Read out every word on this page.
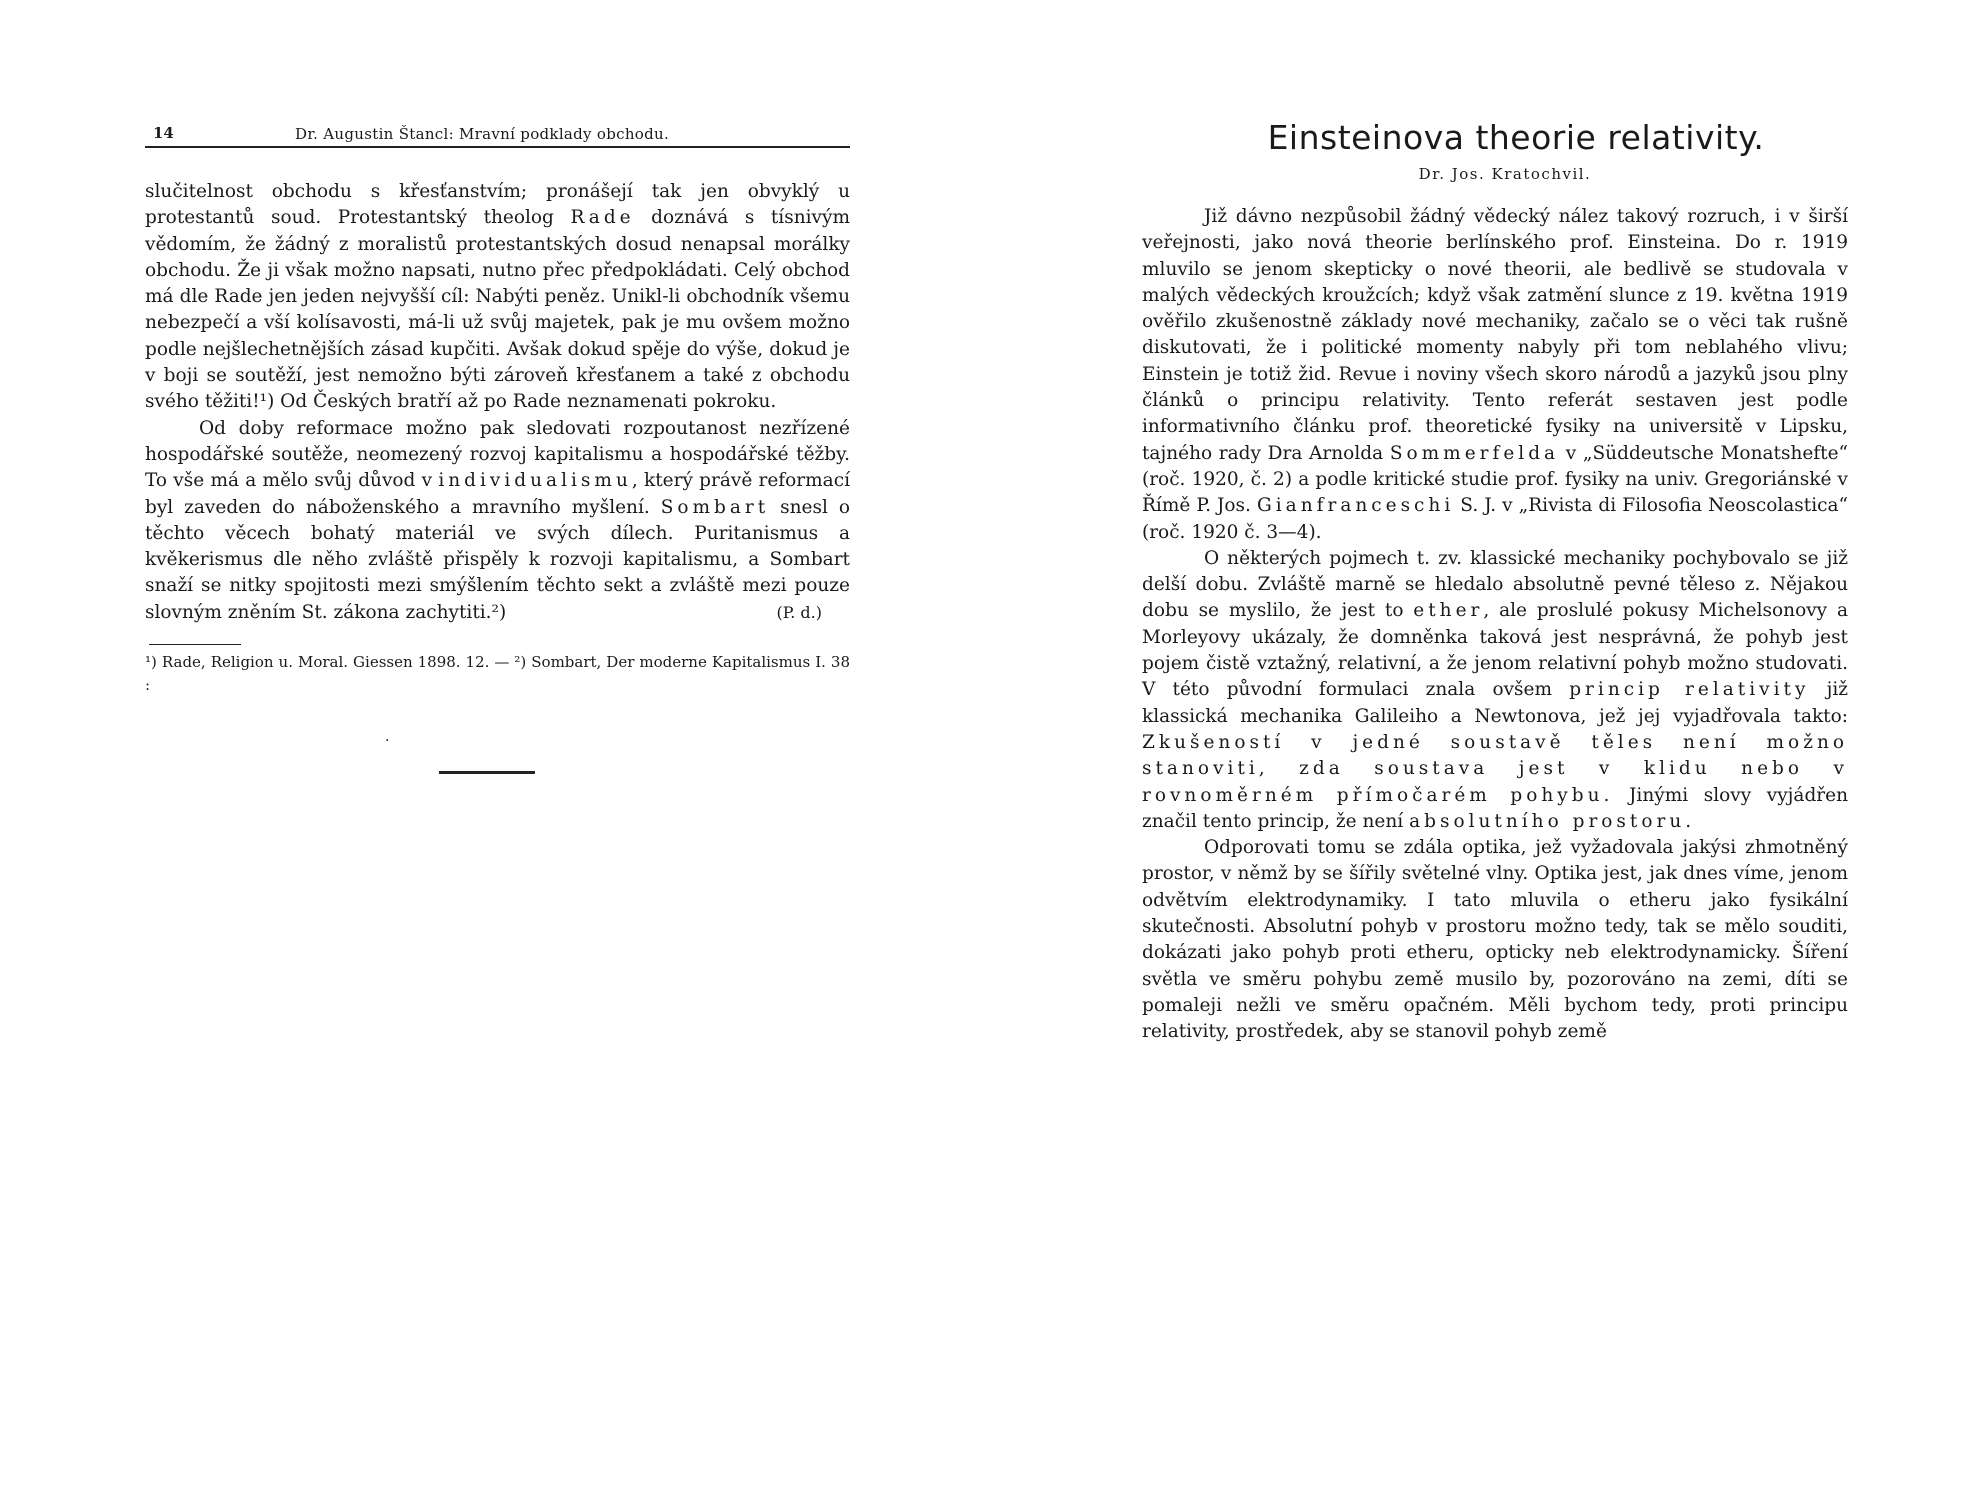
14	Dr. Augustin Štancl: Mravní podklady obchodu.

slučitelnost obchodu s křesťanstvím; pronášejí tak jen obvyklý u protestantů soud. Protestantský theolog Rade doznává s tísnivým vědomím, že žádný z moralistů protestantských dosud nenapsal morálky obchodu. Že ji však možno napsati, nutno přec předpokládati. Celý obchod má dle Rade jen jeden nejvyšší cíl: Nabýti peněz. Unikl-li obchodník všemu nebezpečí a vší kolísavosti, má-li už svůj majetek, pak je mu ovšem možno podle nejšlechetnějších zásad kupčiti. Avšak dokud spěje do výše, dokud je v boji se soutěží, jest nemožno býti zároveň křesťanem a také z obchodu svého těžiti!¹) Od Českých bratří až po Rade neznamenati pokroku.

Od doby reformace možno pak sledovati rozpoutanost nezřízené hospodářské soutěže, neomezený rozvoj kapitalismu a hospodářské těžby. To vše má a mělo svůj důvod v individualismu, který právě reformací byl zaveden do náboženského a mravního myšlení. Sombart snesl o těchto věcech bohatý materiál ve svých dílech. Puritanismus a kvěkerismus dle něho zvláště přispěly k rozvoji kapitalismu, a Sombart snaží se nitky spojitosti mezi smýšlením těchto sekt a zvláště mezi pouze slovným zněním St. zákona zachytiti.²)	(P. d.)

¹) Rade, Religion u. Moral. Giessen 1898. 12. — ²) Sombart, Der moderne Kapitalismus I. 38 :
·
Einsteinova theorie relativity.
Dr. Jos. Kratochvil.

Již dávno nezpůsobil žádný vědecký nález takový rozruch, i v širší veřejnosti, jako nová theorie berlínského prof. Einsteina. Do r. 1919 mluvilo se jenom skepticky o nové theorii, ale bedlivě se studovala v malých vědeckých kroužcích; když však zatmění slunce z 19. května 1919 ověřilo zkušenostně základy nové mechaniky, začalo se o věci tak rušně diskutovati, že i politické momenty nabyly při tom neblahého vlivu; Einstein je totiž žid. Revue i noviny všech skoro národů a jazyků jsou plny článků o principu relativity. Tento referát sestaven jest podle informativního článku prof. theoretické fysiky na universitě v Lipsku, tajného rady Dra Arnolda Sommerfelda v „Süddeutsche Monatshefte“ (roč. 1920, č. 2) a podle kritické studie prof. fysiky na univ. Gregoriánské v Římě P. Jos. Gianfranceschi S. J. v „Rivista di Filosofia Neoscolastica“ (roč. 1920 č. 3—4).

O některých pojmech t. zv. klassické mechaniky pochybovalo se již delší dobu. Zvláště marně se hledalo absolutně pevné těleso z. Nějakou dobu se myslilo, že jest to ether, ale proslulé pokusy Michelsonovy a Morleyovy ukázaly, že domněnka taková jest nesprávná, že pohyb jest pojem čistě vztažný, relativní, a že jenom relativní pohyb možno studovati. V této původní formulaci znala ovšem princip relativity již klassická mechanika Galileiho a Newtonova, jež jej vyjadřovala takto: Zkušeností v jedné soustavě těles není možno stanoviti, zda soustava jest v klidu nebo v rovnoměrném přímočarém pohybu. Jinými slovy vyjádřen značil tento princip, že není absolutního prostoru.

Odporovati tomu se zdála optika, jež vyžadovala jakýsi zhmotněný prostor, v němž by se šířily světelné vlny. Optika jest, jak dnes víme, jenom odvětvím elektrodynamiky. I tato mluvila o etheru jako fysikální skutečnosti. Absolutní pohyb v prostoru možno tedy, tak se mělo souditi, dokázati jako pohyb proti etheru, opticky neb elektrodynamicky. Šíření světla ve směru pohybu země musilo by, pozorováno na zemi, díti se pomaleji nežli ve směru opačném. Měli bychom tedy, proti principu relativity, prostředek, aby se stanovil pohyb země
